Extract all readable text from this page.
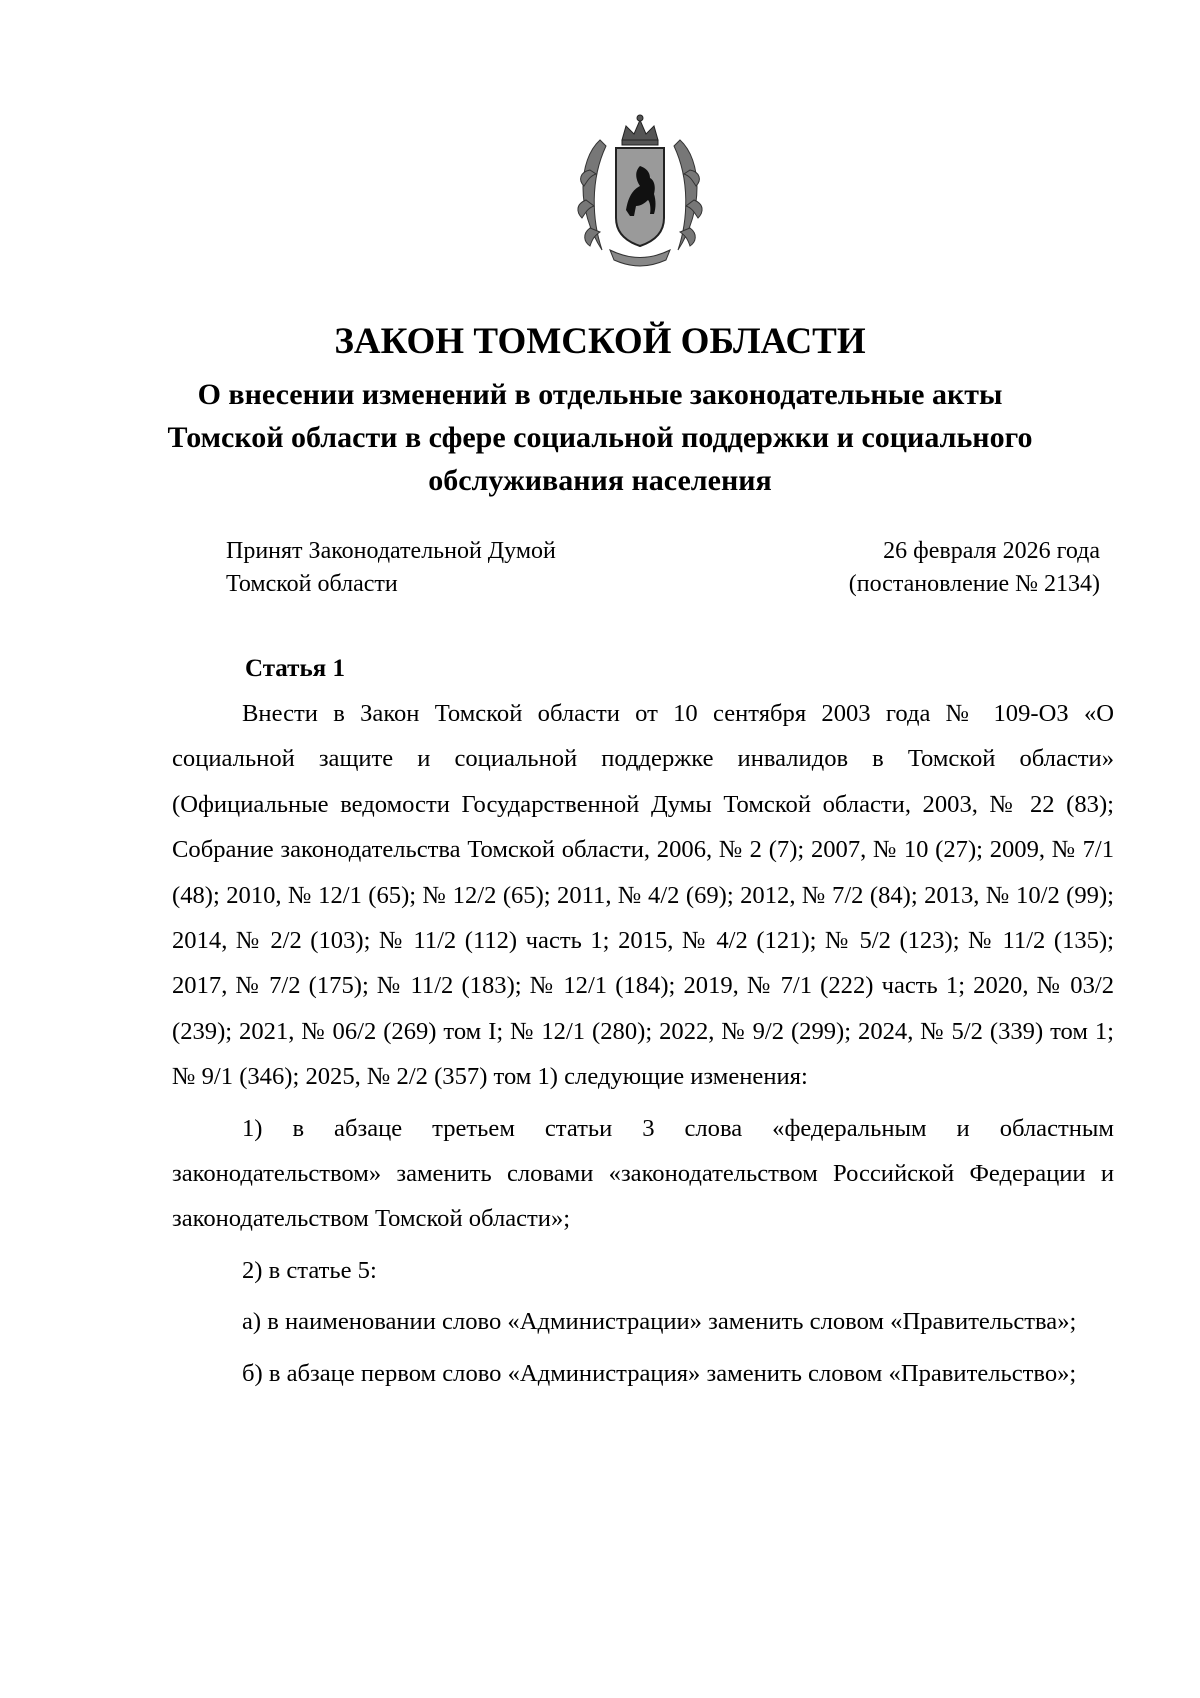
ЗАКОН ТОМСКОЙ ОБЛАСТИ
О внесении изменений в отдельные законодательные акты
Томской области в сфере социальной поддержки и социального
обслуживания населения
Принят Законодательной Думой
Томской области
26 февраля 2026 года
(постановление № 2134)
Статья 1

Внести в Закон Томской области от 10 сентября 2003 года № 109-ОЗ «О социальной защите и социальной поддержке инвалидов в Томской области» (Официальные ведомости Государственной Думы Томской области, 2003, № 22 (83); Собрание законодательства Томской области, 2006, № 2 (7); 2007, № 10 (27); 2009, № 7/1 (48); 2010, № 12/1 (65); № 12/2 (65); 2011, № 4/2 (69); 2012, № 7/2 (84); 2013, № 10/2 (99); 2014, № 2/2 (103); № 11/2 (112) часть 1; 2015, № 4/2 (121); № 5/2 (123); № 11/2 (135); 2017, № 7/2 (175); № 11/2 (183); № 12/1 (184); 2019, № 7/1 (222) часть 1; 2020, № 03/2 (239); 2021, № 06/2 (269) том I; № 12/1 (280); 2022, № 9/2 (299); 2024, № 5/2 (339) том 1; № 9/1 (346); 2025, № 2/2 (357) том 1) следующие изменения:

1) в абзаце третьем статьи 3 слова «федеральным и областным законодательством» заменить словами «законодательством Российской Федерации и законодательством Томской области»;

2) в статье 5:

а) в наименовании слово «Администрации» заменить словом «Правительства»;

б) в абзаце первом слово «Администрация» заменить словом «Правительство»;
